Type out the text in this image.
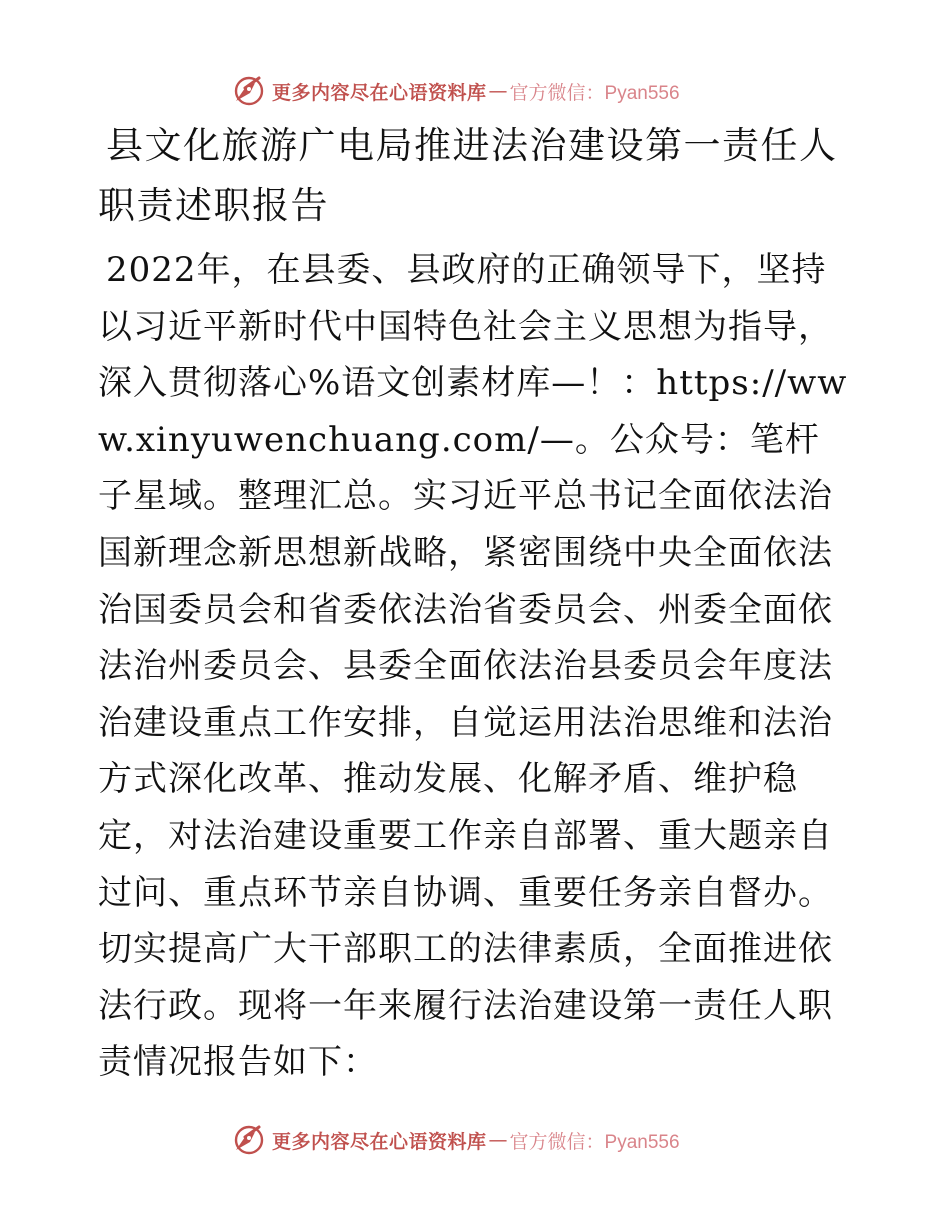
更多内容尽在心语资料库 — 官方微信：Pyan556
县文化旅游广电局推进法治建设第一责任人职责述职报告

2022年，在县委、县政府的正确领导下，坚持以习近平新时代中国特色社会主义思想为指导，深入贯彻落心%语文创素材库—！：https://www.xinyuwenchuang.com/—。公众号：笔杆子星域。整理汇总。实习近平总书记全面依法治国新理念新思想新战略，紧密围绕中央全面依法治国委员会和省委依法治省委员会、州委全面依法治州委员会、县委全面依法治县委员会年度法治建设重点工作安排，自觉运用法治思维和法治方式深化改革、推动发展、化解矛盾、维护稳定，对法治建设重要工作亲自部署、重大题亲自过问、重点环节亲自协调、重要任务亲自督办。切实提高广大干部职工的法律素质，全面推进依法行政。现将一年来履行法治建设第一责任人职责情况报告如下：

更多内容尽在心语资料库 — 官方微信：Pyan556
